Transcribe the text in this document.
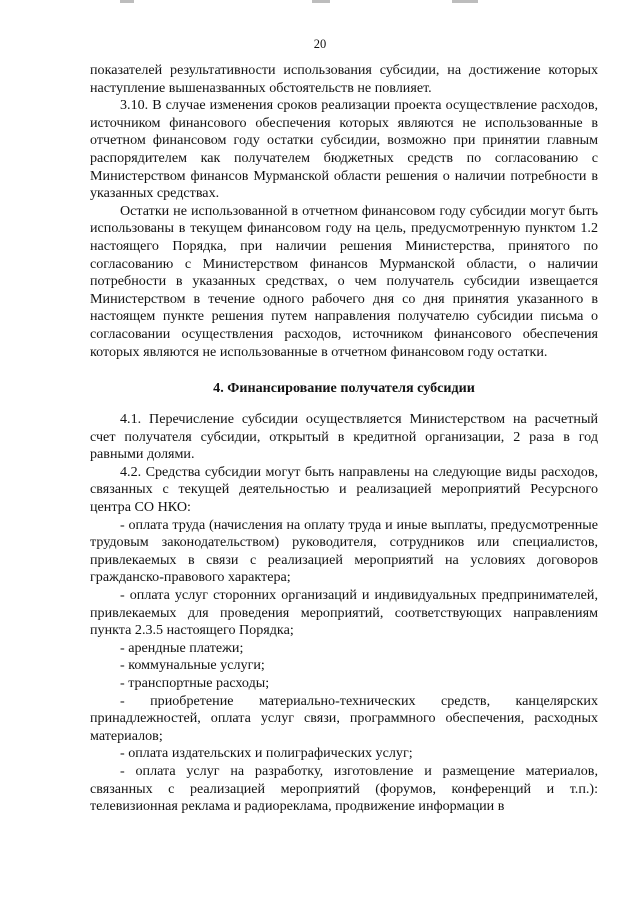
20

показателей результативности использования субсидии, на достижение которых наступление вышеназванных обстоятельств не повлияет.

3.10. В случае изменения сроков реализации проекта осуществление расходов, источником финансового обеспечения которых являются не использованные в отчетном финансовом году остатки субсидии, возможно при принятии главным распорядителем как получателем бюджетных средств по согласованию с Министерством финансов Мурманской области решения о наличии потребности в указанных средствах.

Остатки не использованной в отчетном финансовом году субсидии могут быть использованы в текущем финансовом году на цель, предусмотренную пунктом 1.2 настоящего Порядка, при наличии решения Министерства, принятого по согласованию с Министерством финансов Мурманской области, о наличии потребности в указанных средствах, о чем получатель субсидии извещается Министерством в течение одного рабочего дня со дня принятия указанного в настоящем пункте решения путем направления получателю субсидии письма о согласовании осуществления расходов, источником финансового обеспечения которых являются не использованные в отчетном финансовом году остатки.

4. Финансирование получателя субсидии

4.1. Перечисление субсидии осуществляется Министерством на расчетный счет получателя субсидии, открытый в кредитной организации, 2 раза в год равными долями.

4.2. Средства субсидии могут быть направлены на следующие виды расходов, связанных с текущей деятельностью и реализацией мероприятий Ресурсного центра СО НКО:

- оплата труда (начисления на оплату труда и иные выплаты, предусмотренные трудовым законодательством) руководителя, сотрудников или специалистов, привлекаемых в связи с реализацией мероприятий на условиях договоров гражданско-правового характера;

- оплата услуг сторонних организаций и индивидуальных предпринимателей, привлекаемых для проведения мероприятий, соответствующих направлениям пункта 2.3.5 настоящего Порядка;

- арендные платежи;

- коммунальные услуги;

- транспортные расходы;

- приобретение материально-технических средств, канцелярских принадлежностей, оплата услуг связи, программного обеспечения, расходных материалов;

- оплата издательских и полиграфических услуг;

- оплата услуг на разработку, изготовление и размещение материалов, связанных с реализацией мероприятий (форумов, конференций и т.п.): телевизионная реклама и радиореклама, продвижение информации в
